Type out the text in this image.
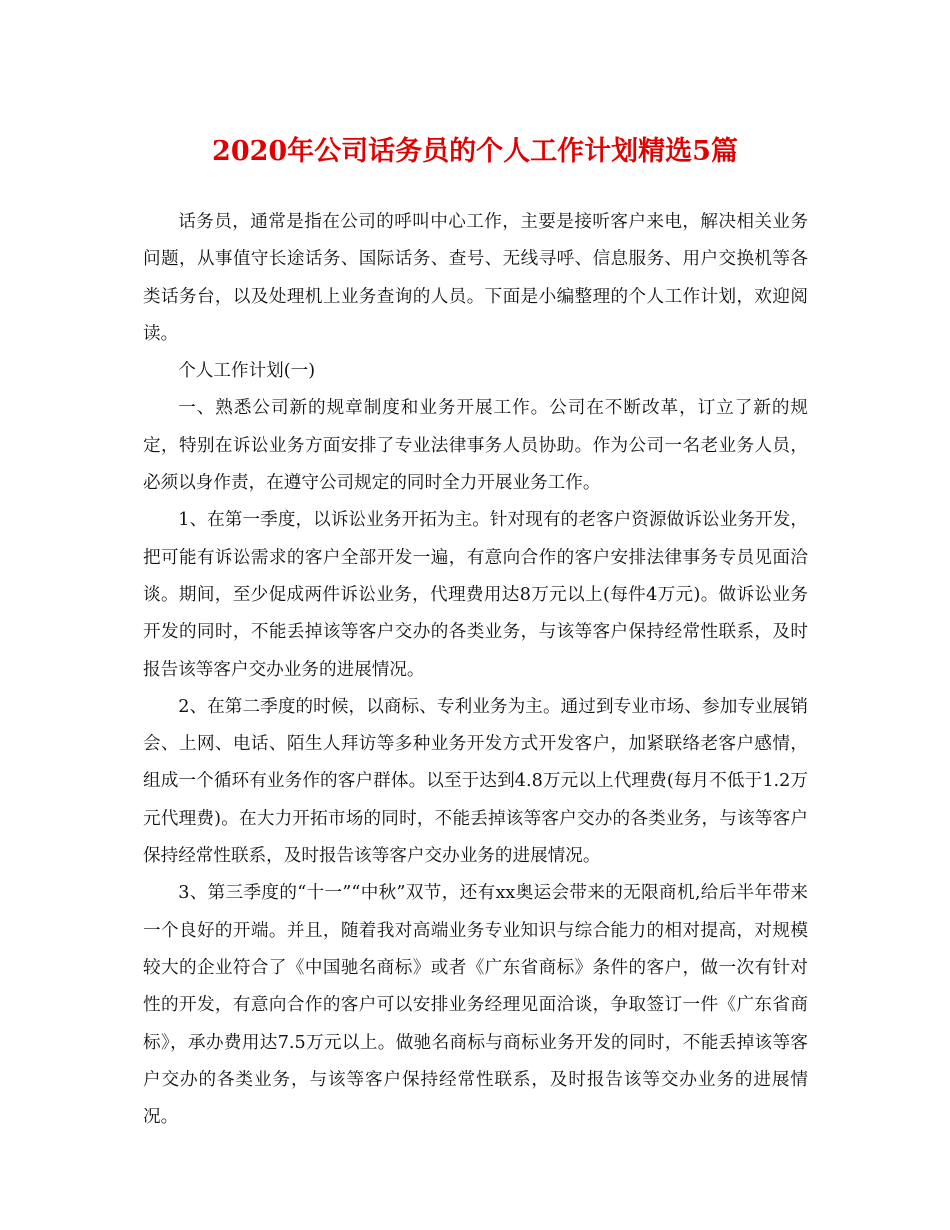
2020年公司话务员的个人工作计划精选5篇

话务员，通常是指在公司的呼叫中心工作，主要是接听客户来电，解决相关业务问题，从事值守长途话务、国际话务、查号、无线寻呼、信息服务、用户交换机等各类话务台，以及处理机上业务查询的人员。下面是小编整理的个人工作计划，欢迎阅读。

个人工作计划(一)

一、熟悉公司新的规章制度和业务开展工作。公司在不断改革，订立了新的规定，特别在诉讼业务方面安排了专业法律事务人员协助。作为公司一名老业务人员，必须以身作责，在遵守公司规定的同时全力开展业务工作。

1、在第一季度，以诉讼业务开拓为主。针对现有的老客户资源做诉讼业务开发，把可能有诉讼需求的客户全部开发一遍，有意向合作的客户安排法律事务专员见面洽谈。期间，至少促成两件诉讼业务，代理费用达8万元以上(每件4万元)。做诉讼业务开发的同时，不能丢掉该等客户交办的各类业务，与该等客户保持经常性联系，及时报告该等客户交办业务的进展情况。

2、在第二季度的时候，以商标、专利业务为主。通过到专业市场、参加专业展销会、上网、电话、陌生人拜访等多种业务开发方式开发客户，加紧联络老客户感情，组成一个循环有业务作的客户群体。以至于达到4.8万元以上代理费(每月不低于1.2万元代理费)。在大力开拓市场的同时，不能丢掉该等客户交办的各类业务，与该等客户保持经常性联系，及时报告该等客户交办业务的进展情况。

3、第三季度的“十一”“中秋”双节，还有xx奥运会带来的无限商机,给后半年带来一个良好的开端。并且，随着我对高端业务专业知识与综合能力的相对提高，对规模较大的企业符合了《中国驰名商标》或者《广东省商标》条件的客户，做一次有针对性的开发，有意向合作的客户可以安排业务经理见面洽谈，争取签订一件《广东省商标》，承办费用达7.5万元以上。做驰名商标与商标业务开发的同时，不能丢掉该等客户交办的各类业务，与该等客户保持经常性联系，及时报告该等交办业务的进展情况。
